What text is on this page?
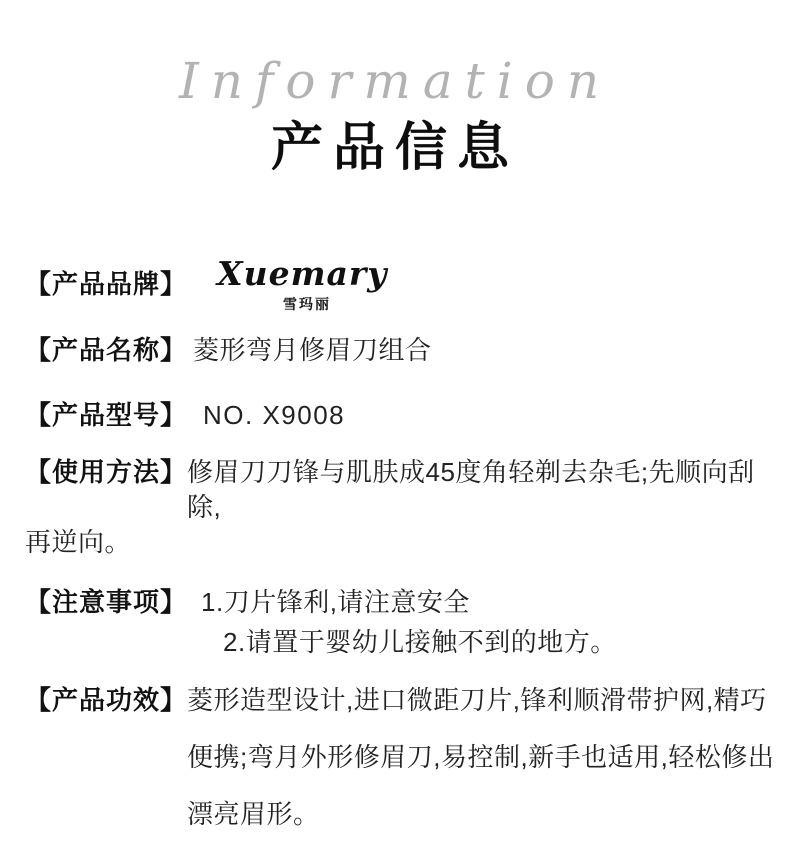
Information
产品信息
【产品品牌】 Xuemary
雪玛丽
【产品名称】 菱形弯月修眉刀组合
【产品型号】 NO. X9008
【使用方法】 修眉刀刀锋与肌肤成45度角轻剃去杂毛;先顺向刮除,
再逆向。
【注意事项】 1.刀片锋利,请注意安全
2.请置于婴幼儿接触不到的地方。
【产品功效】 菱形造型设计,进口微距刀片,锋利顺滑带护网,精巧
便携;弯月外形修眉刀,易控制,新手也适用,轻松修出
漂亮眉形。
